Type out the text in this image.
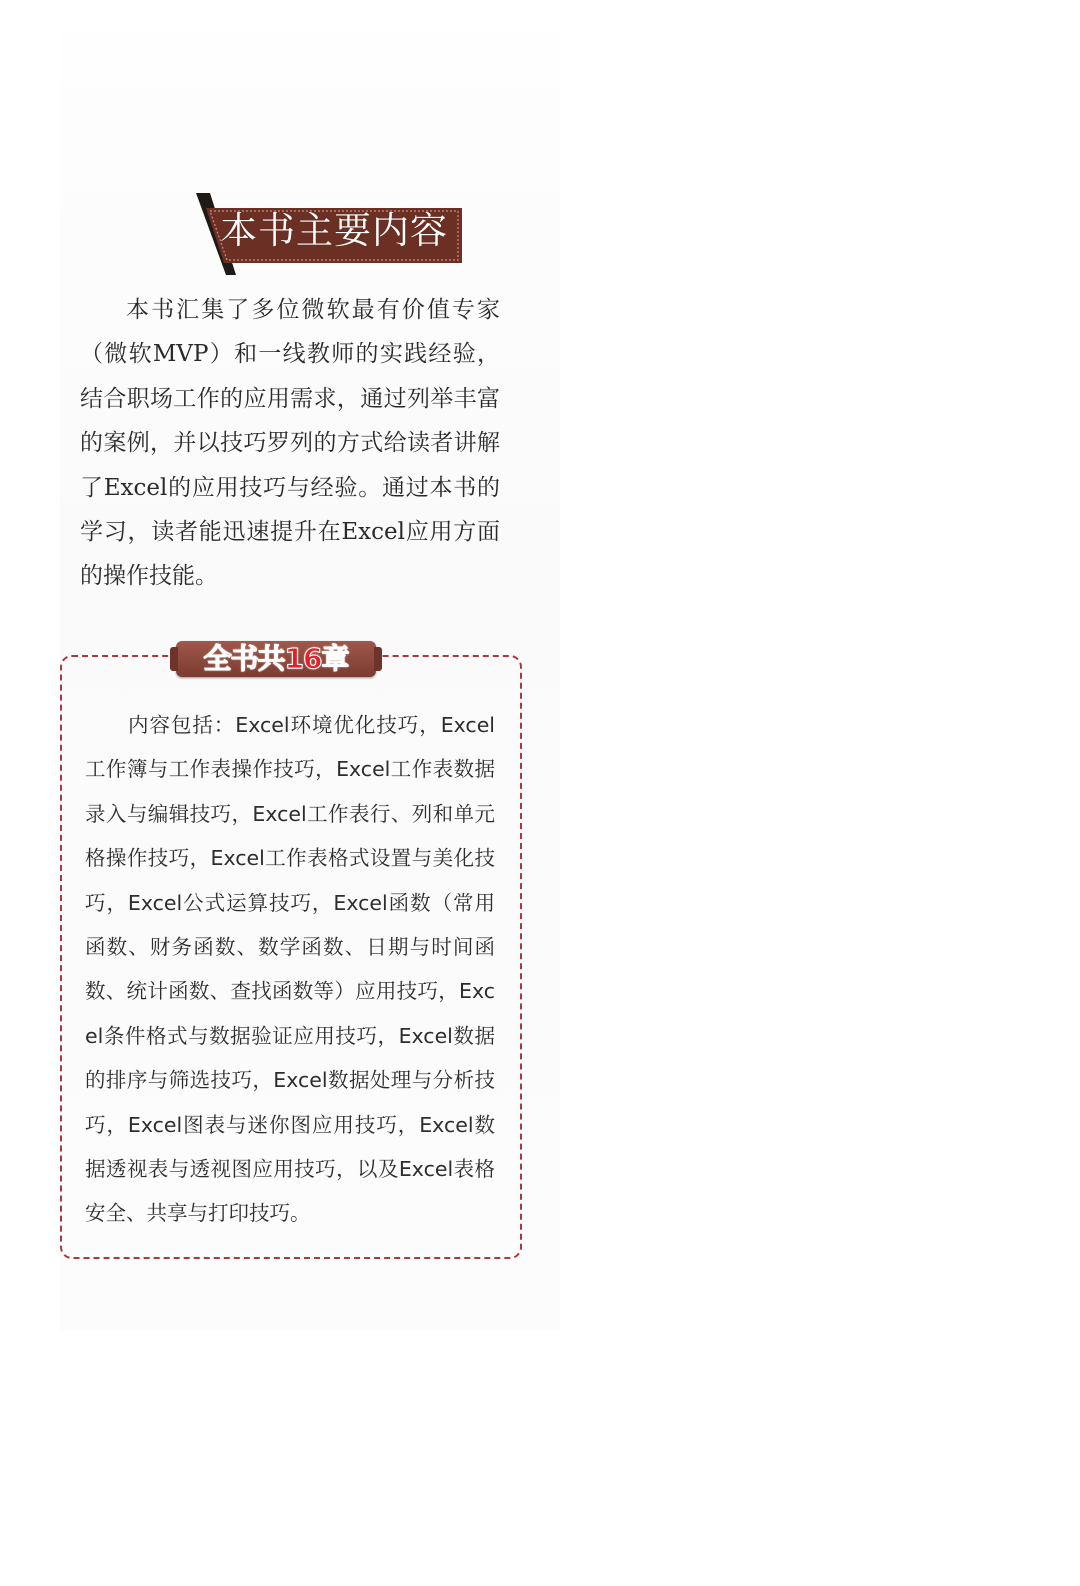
本书主要内容

本书汇集了多位微软最有价值专家（微软MVP）和一线教师的实践经验，结合职场工作的应用需求，通过列举丰富的案例，并以技巧罗列的方式给读者讲解了Excel的应用技巧与经验。通过本书的学习，读者能迅速提升在Excel应用方面的操作技能。

全书共16章

内容包括：Excel环境优化技巧，Excel工作簿与工作表操作技巧，Excel工作表数据录入与编辑技巧，Excel工作表行、列和单元格操作技巧，Excel工作表格式设置与美化技巧，Excel公式运算技巧，Excel函数（常用函数、财务函数、数学函数、日期与时间函数、统计函数、查找函数等）应用技巧，Excel条件格式与数据验证应用技巧，Excel数据的排序与筛选技巧，Excel数据处理与分析技巧，Excel图表与迷你图应用技巧，Excel数据透视表与透视图应用技巧，以及Excel表格安全、共享与打印技巧。
